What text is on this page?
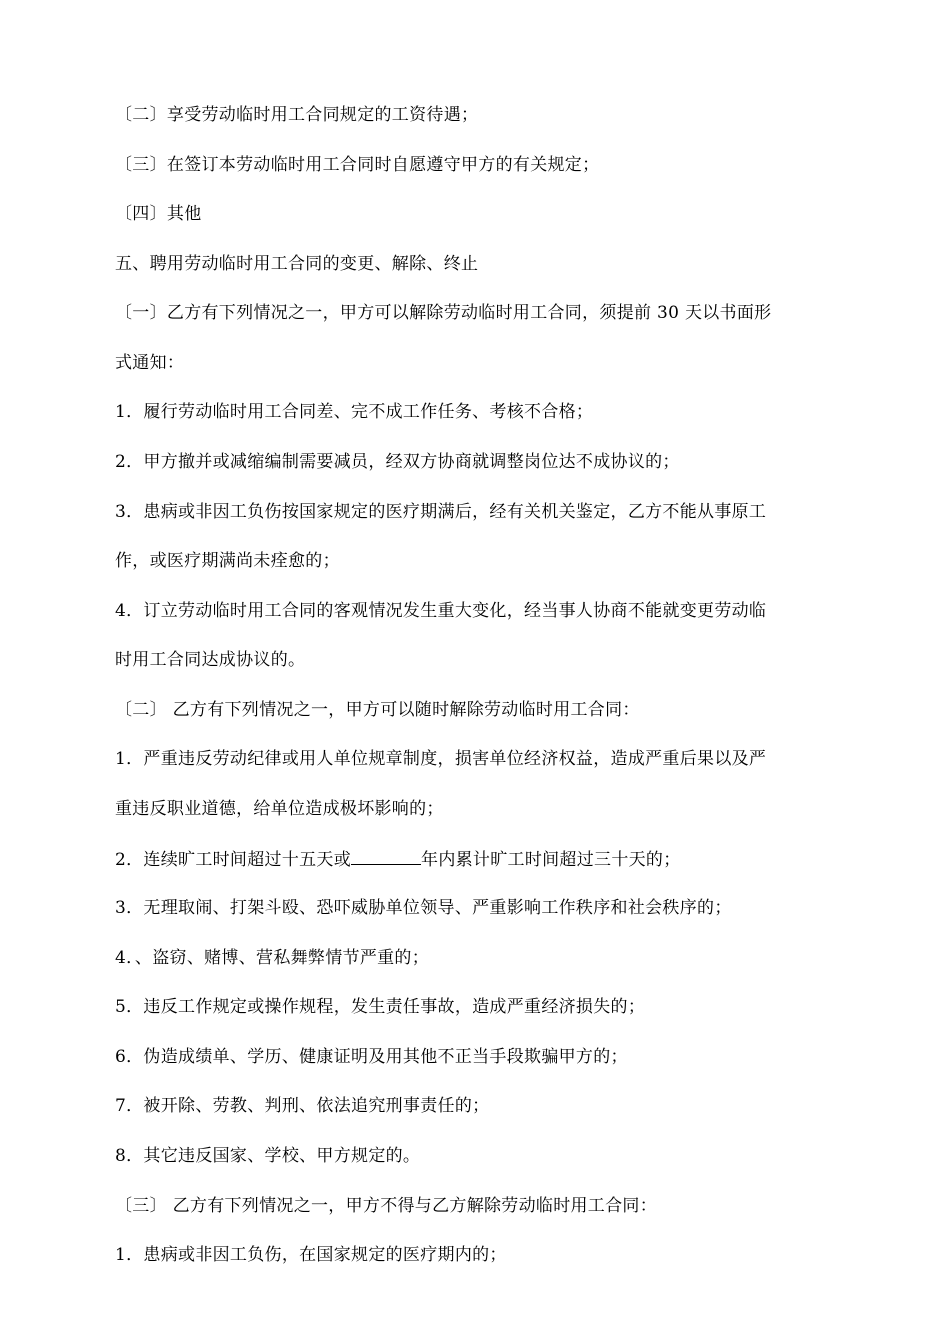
〔二〕享受劳动临时用工合同规定的工资待遇；
〔三〕在签订本劳动临时用工合同时自愿遵守甲方的有关规定；
〔四〕其他
五、聘用劳动临时用工合同的变更、解除、终止
〔一〕乙方有下列情况之一，甲方可以解除劳动临时用工合同，须提前 30 天以书面形
式通知：
1．履行劳动临时用工合同差、完不成工作任务、考核不合格；
2．甲方撤并或减缩编制需要减员，经双方协商就调整岗位达不成协议的；
3．患病或非因工负伤按国家规定的医疗期满后，经有关机关鉴定，乙方不能从事原工
作，或医疗期满尚未痊愈的；
4．订立劳动临时用工合同的客观情况发生重大变化，经当事人协商不能就变更劳动临
时用工合同达成协议的。
〔二〕 乙方有下列情况之一，甲方可以随时解除劳动临时用工合同：
1．严重违反劳动纪律或用人单位规章制度，损害单位经济权益，造成严重后果以及严
重违反职业道德，给单位造成极坏影响的；
2．连续旷工时间超过十五天或	年内累计旷工时间超过三十天的；
3．无理取闹、打架斗殴、恐吓威胁单位领导、严重影响工作秩序和社会秩序的；
4．、盗窃、赌博、营私舞弊情节严重的；
5．违反工作规定或操作规程，发生责任事故，造成严重经济损失的；
6．伪造成绩单、学历、健康证明及用其他不正当手段欺骗甲方的；
7．被开除、劳教、判刑、依法追究刑事责任的；
8．其它违反国家、学校、甲方规定的。
〔三〕 乙方有下列情况之一，甲方不得与乙方解除劳动临时用工合同：
1．患病或非因工负伤，在国家规定的医疗期内的；
